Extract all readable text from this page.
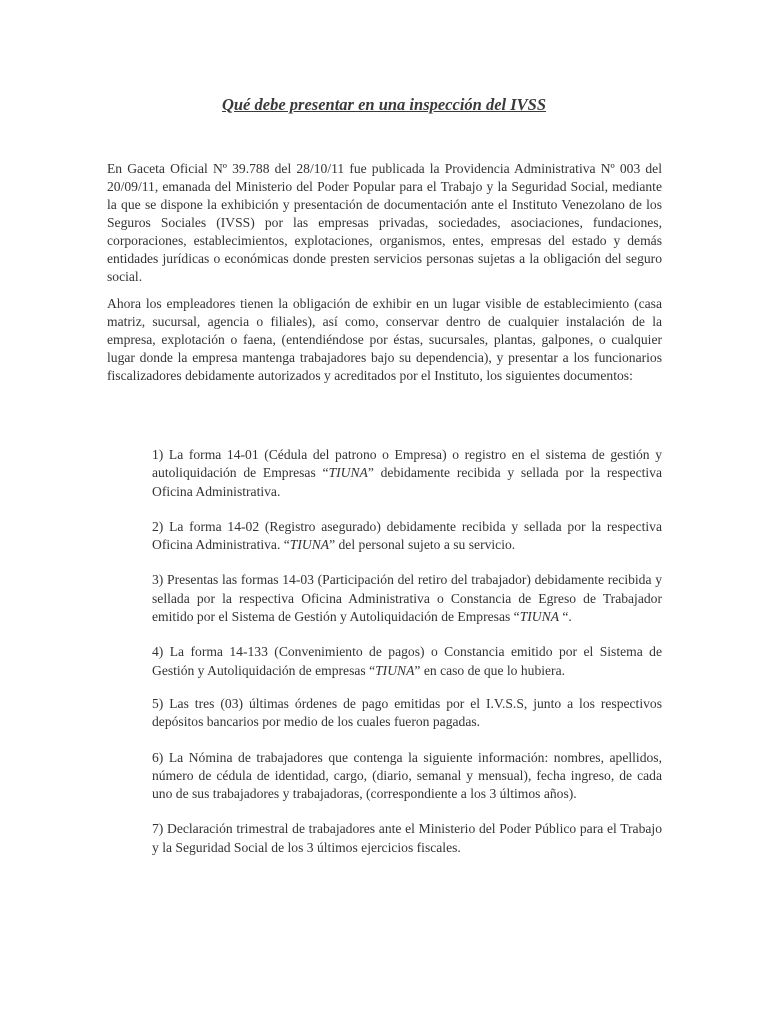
Qué debe presentar en una inspección del IVSS

En Gaceta Oficial Nº 39.788 del 28/10/11 fue publicada la Providencia Administrativa Nº 003 del 20/09/11, emanada del Ministerio del Poder Popular para el Trabajo y la Seguridad Social, mediante la que se dispone la exhibición y presentación de documentación ante el Instituto Venezolano de los Seguros Sociales (IVSS) por las empresas privadas, sociedades, asociaciones, fundaciones, corporaciones, establecimientos, explotaciones, organismos, entes, empresas del estado y demás entidades jurídicas o económicas donde presten servicios personas sujetas a la obligación del seguro social.

Ahora los empleadores tienen la obligación de exhibir en un lugar visible de establecimiento (casa matriz, sucursal, agencia o filiales), así como, conservar dentro de cualquier instalación de la empresa, explotación o faena, (entendiéndose por éstas, sucursales, plantas, galpones, o cualquier lugar donde la empresa mantenga trabajadores bajo su dependencia), y presentar a los funcionarios fiscalizadores debidamente autorizados y acreditados por el Instituto, los siguientes documentos:

1) La forma 14-01 (Cédula del patrono o Empresa) o registro en el sistema de gestión y autoliquidación de Empresas “TIUNA” debidamente recibida y sellada por la respectiva Oficina Administrativa.
2) La forma 14-02 (Registro asegurado) debidamente recibida y sellada por la respectiva Oficina Administrativa. “TIUNA” del personal sujeto a su servicio.
3) Presentas las formas 14-03 (Participación del retiro del trabajador) debidamente recibida y sellada por la respectiva Oficina Administrativa o Constancia de Egreso de Trabajador emitido por el Sistema de Gestión y Autoliquidación de Empresas “TIUNA “.
4) La forma 14-133 (Convenimiento de pagos) o Constancia emitido por el Sistema de Gestión y Autoliquidación de empresas “TIUNA” en caso de que lo hubiera.
5) Las tres (03) últimas órdenes de pago emitidas por el I.V.S.S, junto a los respectivos depósitos bancarios por medio de los cuales fueron pagadas.
6) La Nómina de trabajadores que contenga la siguiente información: nombres, apellidos, número de cédula de identidad, cargo, (diario, semanal y mensual), fecha ingreso, de cada uno de sus trabajadores y trabajadoras, (correspondiente a los 3 últimos años).
7) Declaración trimestral de trabajadores ante el Ministerio del Poder Público para el Trabajo y la Seguridad Social de los 3 últimos ejercicios fiscales.
